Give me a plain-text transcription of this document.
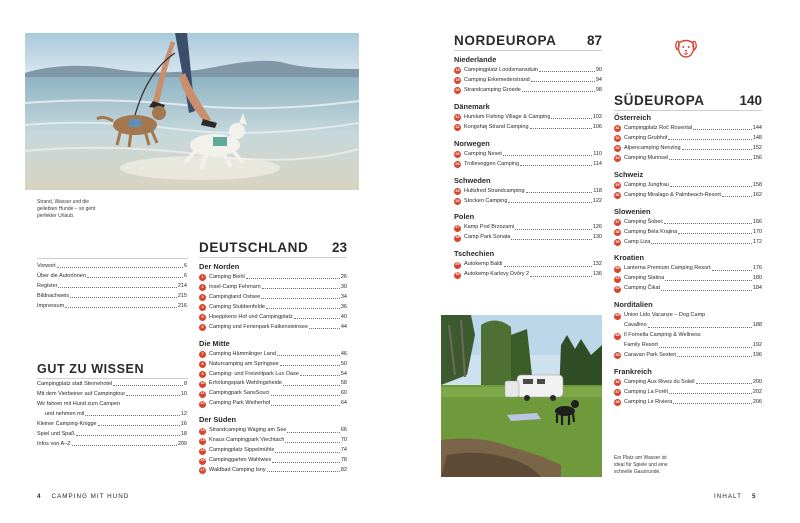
Strand, Wasser und die
geliebten Hunde – so geht
perfekter Urlaub.
Vorwort	6
Über die AutorInnen	6
Register	214
Bildnachweis	215
Impressum	216
GUT ZU WISSEN
Campingplatz statt Sternehotel	8
Mit dem Vierbeiner auf Campingtour	10
Wir fahren mit Hund zum Campen
und nehmen mit	12
Kleiner Camping-Knigge	16
Spiel und Spaß	18
Infos von A–Z	209
DEUTSCHLAND 23
Der Norden
1 Camping Biehl	26
2 Insel-Camp Fehmarn	30
3 Campingland Ostsee	34
4 Camping Stubbenfelde	36
5 Hoeppkens Hof und Campingplatz	40
6 Camping und Ferienpark Falkensteinsee	44
Die Mitte
7 Camping Hämmlinger Land	46
8 Naturcamping am Springsee	50
9 Camping- und Freizeitpark Lux Oase	54
10 Erholungspark Wehlingsheide	58
11 Campingpark SansSouci	60
12 Camping Park Weiherhof	64
Der Süden
13 Strandcamping Waging am See	66
14 Knaus Campingpark Viechtach	70
15 Campingplatz Sippelmühle	74
16 Campinggarten Wahlwies	78
17 Waldbad Camping Isny	82
NORDEUROPA 87
Niederlande
18 Campingplatz Loodsmansduin	90
19 Camping Erkemederstrand	94
20 Strandcamping Groede	98
Dänemark
21 Humlum Fishing Village & Camping	102
22 Kongshøj Strand Camping	106
Norwegen
23 Camping Neset	110
24 Trolleveggen Camping	114
Schweden
25 Hultsfred Strandcamping	118
26 Stocken Camping	122
Polen
27 Kamp Pod Brzozami	126
28 Camp Park Sonata	130
Tschechien
29 Autokemp Baldi	132
30 Autokemp Karlovy Dvôry 2	136
SÜDEUROPA	140
Österreich
31 Campingplatz Roč Rosental	144
32 Camping Grubhof	148
33 Alpencamping Nenzing	152
34 Camping Murinsel	156
Schweiz
35 Camping Jungfrau	158
36 Camping Miralago & Palmbeach-Resort	162
Slowenien
37 Camping Šobec	166
38 Camping Bela Krajina	170
39 Camp Liza	172
Kroatien
40 Lanterna Premium Camping Resort	176
41 Camping Slatina	180
42 Camping Čikat	184
Norditalien
43 Union Lido Vacanze – Dog Camp
Cavallino	188
44 Il Fornella Camping & Wellness
Family Resort	192
45 Caravan Park Sexten	196
Frankreich
46 Camping Aux Rives du Soleil	200
47 Camping La Forêt	202
48 Camping Le Riviera	206
Ein Platz am Wasser ist
ideal für Spiele und eine
schnelle Gassirunde.
4 CAMPING MIT HUND	INHALT 5
